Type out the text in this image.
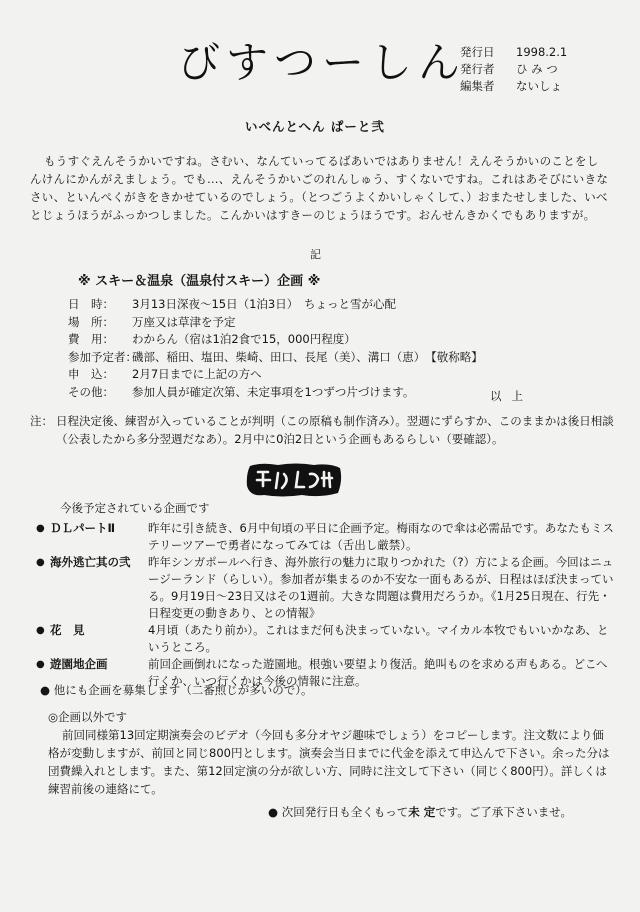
びすつーしん
発行日	1998.2.1
発行者	ひ み つ
編集者	ないしょ
いべんとへん ぱーと弐
もうすぐえんそうかいですね。さむい、なんていってるばあいではありません！えんそうかいのことをしんけんにかんがえましょう。でも…、えんそうかいごのれんしゅう、すくないですね。これはあそびにいきなさい、といんぺくがきをきかせているのでしょう。（とつごうよくかいしゃくして、）おまたせしました、いべとじょうほうがふっかつしました。こんかいはすきーのじょうほうです。おんせんきかくでもありますが。
記
※ スキー＆温泉（温泉付スキー）企画 ※
日　時：	3月13日深夜〜15日（1泊3日）　ちょっと雪が心配
場　所：	万座又は草津を予定
費　用：	わからん（宿は1泊2食で15，000円程度）
参加予定者：
磯部、稲田、塩田、柴崎、田口、長尾（美）、溝口（恵）　【敬称略】
申　込：	2月7日までに上記の方へ
その他：	参加人員が確定次第、未定事項を1つずつ片づけます。	以上
注： 日程決定後、練習が入っていることが判明（この原稿も制作済み）。翌週にずらすか、このままかは後日相談（公表したから多分翌週だなあ）。2月中に0泊2日という企画もあるらしい（要確認）。
今後予定されている企画です
● ＤＬパートⅡ	昨年に引き続き、6月中旬頃の平日に企画予定。梅雨なので傘は必需品です。あなたもミステリーツアーで勇者になってみては（舌出し厳禁）。
● 海外逃亡其の弐 昨年シンガポールへ行き、海外旅行の魅力に取りつかれた（?）方による企画。今回はニュージーランド（らしい）。参加者が集まるのか不安な一面もあるが、日程はほぼ決まっている。9月19日〜23日又はその1週前。大きな問題は費用だろうか。《1月25日現在、行先・日程変更の動きあり、との情報》
● 花　見	4月頃（あたり前か）。これはまだ何も決まっていない。マイカル本牧でもいいかなあ、というところ。
● 遊園地企画	前回企画倒れになった遊園地。根強い要望より復活。絶叫ものを求める声もある。どこへ行くか、いつ行くかは今後の情報に注意。
● 他にも企画を募集します（二番煎じが多いので）。
◎企画以外です
前回同様第13回定期演奏会のビデオ（今回も多分オヤジ趣味でしょう）をコピーします。注文数により価格が変動しますが、前回と同じ800円とします。演奏会当日までに代金を添えて申込んで下さい。余った分は団費繰入れとします。また、第12回定演の分が欲しい方、同時に注文して下さい（同じく800円）。詳しくは練習前後の連絡にて。
● 次回発行日も全くもって未 定です。ご了承下さいませ。
